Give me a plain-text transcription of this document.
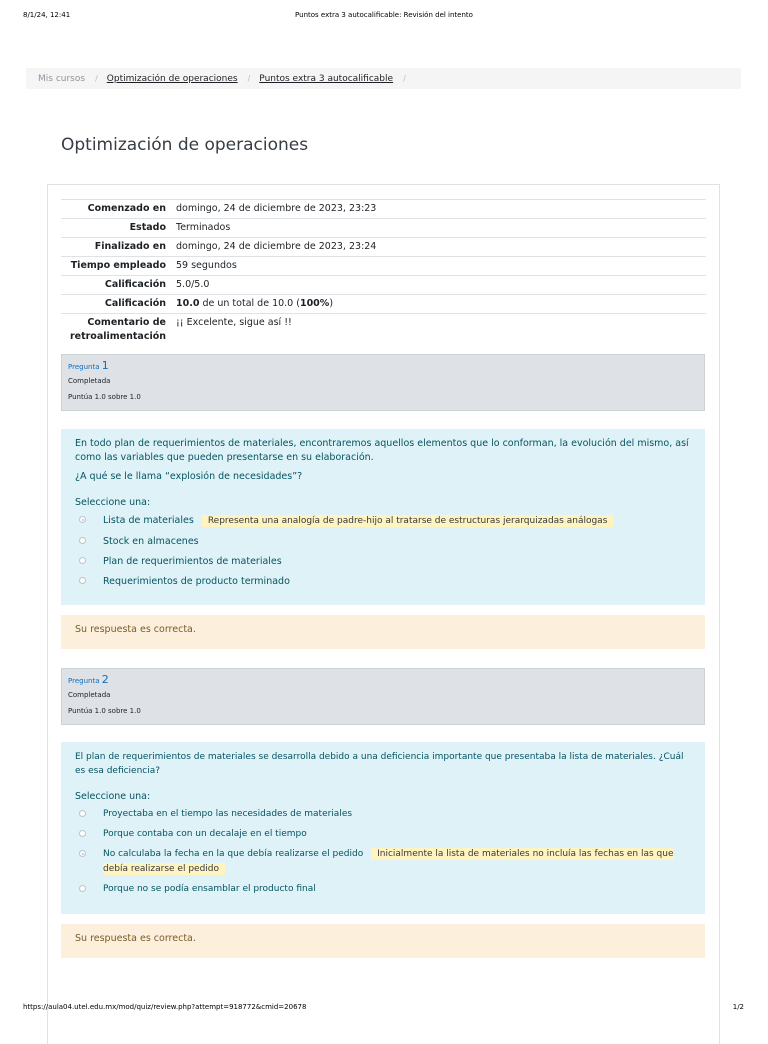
8/1/24, 12:41	Puntos extra 3 autocalificable: Revisión del intento
Mis cursos / Optimización de operaciones / Puntos extra 3 autocalificable /
Optimización de operaciones
Comenzado en	domingo, 24 de diciembre de 2023, 23:23
Estado	Terminados
Finalizado en	domingo, 24 de diciembre de 2023, 23:24
Tiempo empleado	59 segundos
Calificación	5.0/5.0
Calificación	10.0 de un total de 10.0 (100%)
Comentario de retroalimentación	¡¡ Excelente, sigue así !!
Pregunta 1
Completada
Puntúa 1.0 sobre 1.0

En todo plan de requerimientos de materiales, encontraremos aquellos elementos que lo conforman, la evolución del mismo, así como las variables que pueden presentarse en su elaboración.

¿A qué se le llama “explosión de necesidades”?

Seleccione una:

Lista de materiales Representa una analogía de padre-hijo al tratarse de estructuras jerarquizadas análogas
Stock en almacenes
Plan de requerimientos de materiales
Requerimientos de producto terminado
Su respuesta es correcta.
Pregunta 2
Completada
Puntúa 1.0 sobre 1.0

El plan de requerimientos de materiales se desarrolla debido a una deficiencia importante que presentaba la lista de materiales. ¿Cuál es esa deficiencia?

Seleccione una:

Proyectaba en el tiempo las necesidades de materiales
Porque contaba con un decalaje en el tiempo
No calculaba la fecha en la que debía realizarse el pedido Inicialmente la lista de materiales no incluía las fechas en las que debía realizarse el pedido
Porque no se podía ensamblar el producto final
Su respuesta es correcta.
https://aula04.utel.edu.mx/mod/quiz/review.php?attempt=918772&cmid=20678	1/2
